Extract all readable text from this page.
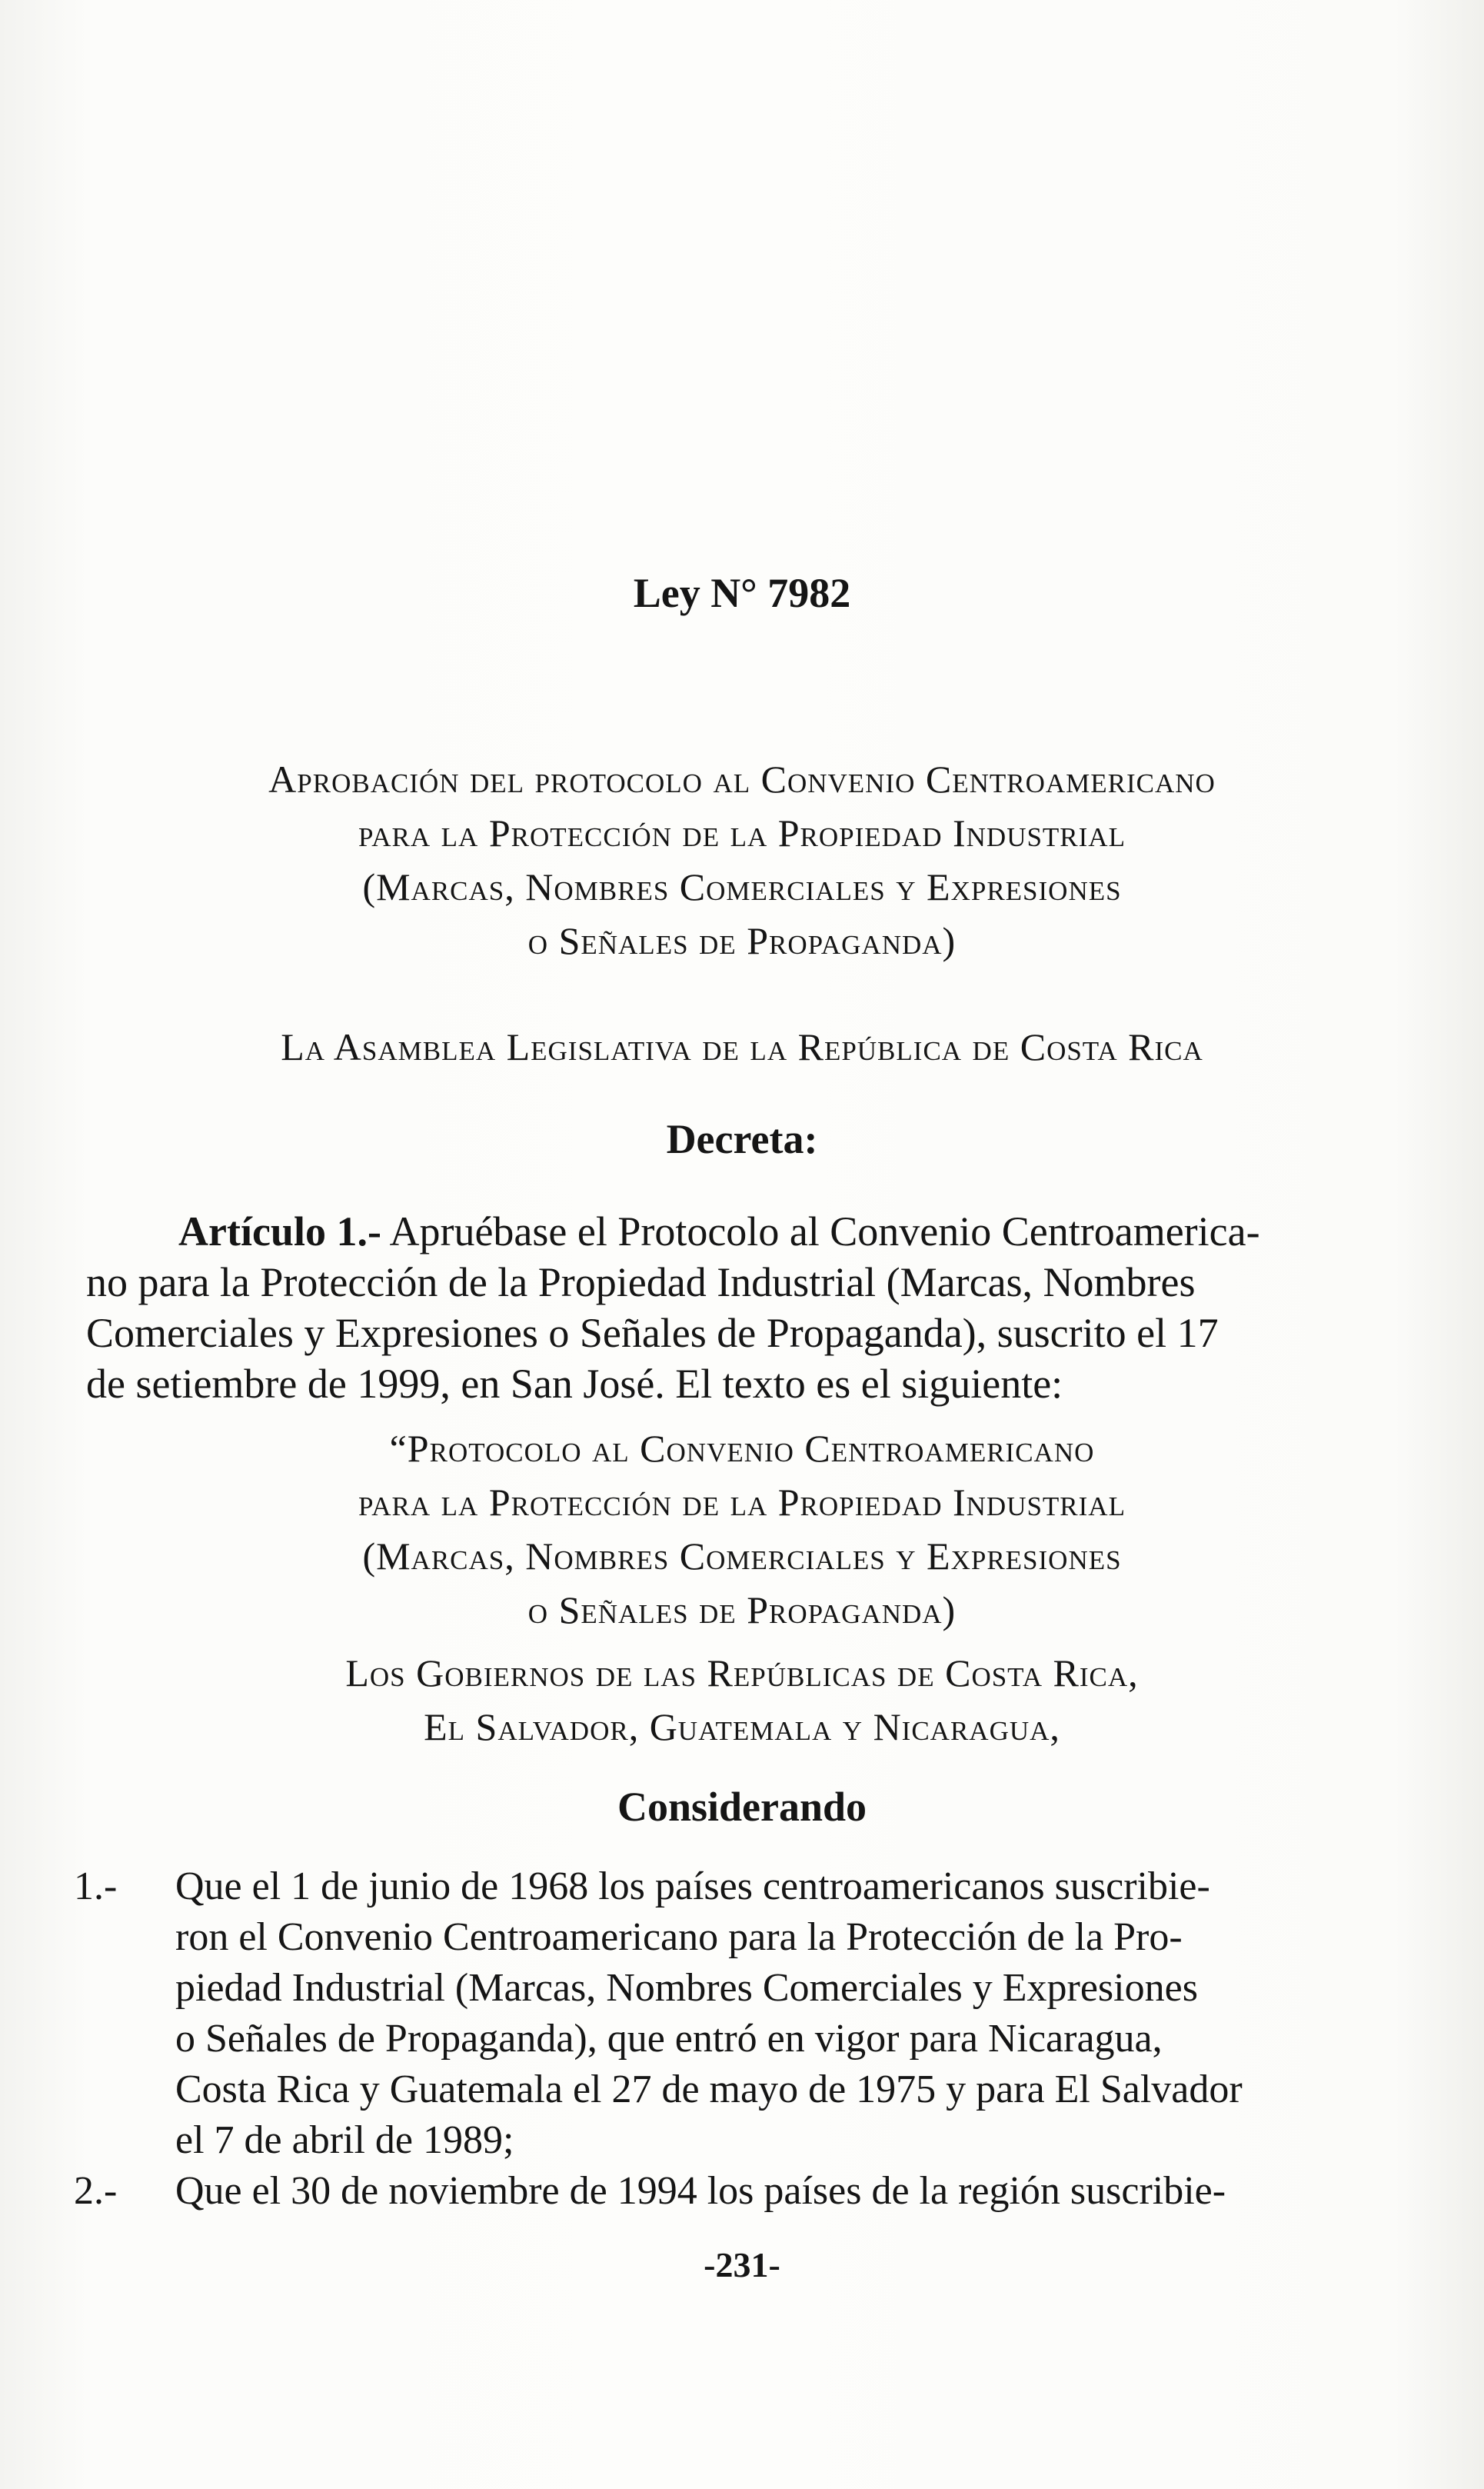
Ley N° 7982
Aprobación del protocolo al Convenio Centroamericano
para la Protección de la Propiedad Industrial
(Marcas, Nombres Comerciales y Expresiones
o Señales de Propaganda)
La Asamblea Legislativa de la República de Costa Rica
Decreta:
Artículo 1.- Apruébase el Protocolo al Convenio Centroamerica-
no para la Protección de la Propiedad Industrial (Marcas, Nombres
Comerciales y Expresiones o Señales de Propaganda), suscrito el 17
de setiembre de 1999, en San José. El texto es el siguiente:
“Protocolo al Convenio Centroamericano
para la Protección de la Propiedad Industrial
(Marcas, Nombres Comerciales y Expresiones
o Señales de Propaganda)
Los Gobiernos de las Repúblicas de Costa Rica,
El Salvador, Guatemala y Nicaragua,
Considerando
1.- Que el 1 de junio de 1968 los países centroamericanos suscribie-
ron el Convenio Centroamericano para la Protección de la Pro-
piedad Industrial (Marcas, Nombres Comerciales y Expresiones
o Señales de Propaganda), que entró en vigor para Nicaragua,
Costa Rica y Guatemala el 27 de mayo de 1975 y para El Salvador
el 7 de abril de 1989;
2.- Que el 30 de noviembre de 1994 los países de la región suscribie-
-231-
